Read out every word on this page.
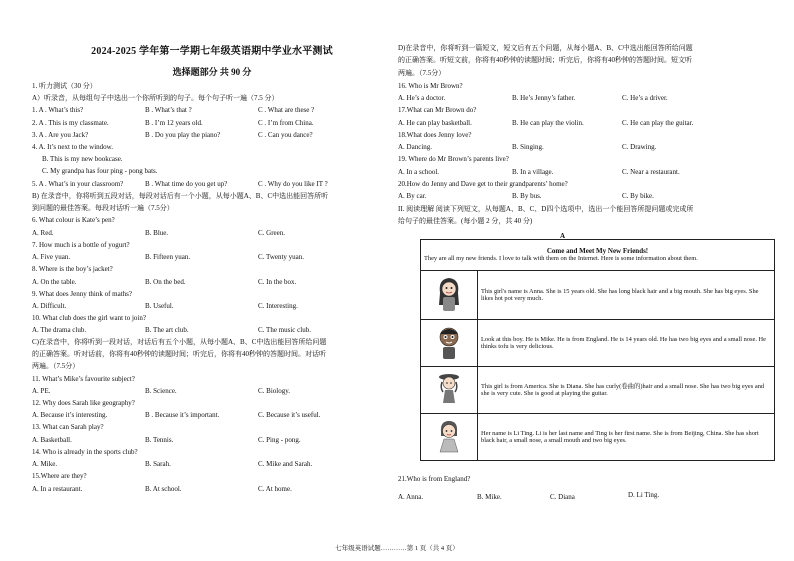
2024-2025 学年第一学期七年级英语期中学业水平测试
选择题部分 共 90 分
1. 听力测试（30 分）
A）听录音，从每组句子中选出一个你所听到的句子。每个句子听一遍（7.5 分）
1. A . What’s this?	B . What’s that ?	C . What are these ?
2. A . This is my classmate.	B . I’m 12 years old.	C . I’m from China.
3. A . Are you Jack?	B . Do you play the piano?	C . Can you dance?
4. A. It’s next to the window.
B. This is my new bookcase.
C. My grandpa has four ping - pong bats.
5. A . What’s in your classroom?	B . What time do you get up?	C . Why do you like IT ?
B) 在录音中，你将听到五段对话，每段对话后有一个小题，从每小题A、B、C中选出能回答所听
到问题的最佳答案。每段对话听一遍（7.5分）
6. What colour is Kate’s pen?
A. Red.	B. Blue.	C. Green.
7. How much is a bottle of yogurt?
A. Five yuan.	B. Fifteen yuan.	C. Twenty yuan.
8. Where is the boy’s jacket?
A. On the table.	B. On the bed.	C. In the box.
9. What does Jenny think of maths?
A. Difficult.	B. Useful.	C. Interesting.
10. What club does the girl want to join?
A. The drama club.	B. The art club.	C. The music club.
C)在录音中，你将听到一段对话，对话后有五个小题，从每小题A、B、C中选出能回答所给问题
的正确答案。听对话前，你将有40秒钟的读题时间；听完后，你将有40秒钟的答题时间。对话听
两遍。（7.5分）
11. What’s Mike’s favourite subject?
A. PE.	B. Science.	C. Biology.
12. Why does Sarah like geography?
A. Because it’s interesting.	B . Because it’s important.	C. Because it’s useful.
13. What can Sarah play?
A. Basketball.	B. Tennis.	C. Ping - pong.
14. Who is already in the sports club?
A. Mike.	B. Sarah.	C. Mike and Sarah.
15.Where are they?
A. In a restaurant.	B. At school.	C. At home.
D)在录音中，你将听到一篇短文，短文后有五个问题，从每小题A、B、C中选出能回答所给问题
的正确答案。听短文前，你将有40秒钟的读题时间；听完后，你将有40秒钟的答题时间。短文听
两遍。（7.5分）
16. Who is Mr Brown?
A. He’s a doctor.	B. He’s Jenny’s father.	C. He’s a driver.
17.What can Mr Brown do?
A. He can play basketball.	B. He can play the violin.	C. He can play the guitar.
18.What does Jenny love?
A. Dancing.	B. Singing.	C. Drawing.
19. Where do Mr Brown’s parents live?
A. In a school.	B. In a village.	C. Near a restaurant.
20.How do Jenny and Dave get to their grandparents’ home?
A. By car.	B. By bus.	C. By bike.
II. 阅读理解 阅读下列短文，从每题A、B、C、D四个选项中，选出一个能回答所提问题或完成所
给句子的最佳答案。(每小题 2 分，共 40 分)
A
Come and Meet My New Friends!
They are all my new friends. I love to talk with them on the Internet. Here is some information about them.	

	This girl's name is Anna. She is 15 years old. She has long black hair and a big mouth. She has big eyes. She likes hot pot very much.
	Look at this boy. He is Mike. He is from England. He is 14 years old. He has two big eyes and a small nose. He thinks tofu is very delicious.
	This girl is from America. She is Diana. She has curly(卷曲的)hair and a small nose. She has two big eyes and she is very cute. She is good at playing the guitar.
	Her name is Li Ting. Li is her last name and Ting is her first name. She is from Beijing, China. She has short black hair, a small nose, a small mouth and two big eyes.
21.Who is from England?
A. Anna.	B. Mike.	C. Diana	D. Li Ting.
七年级英语试题…………第 1 页（共 4 页）
